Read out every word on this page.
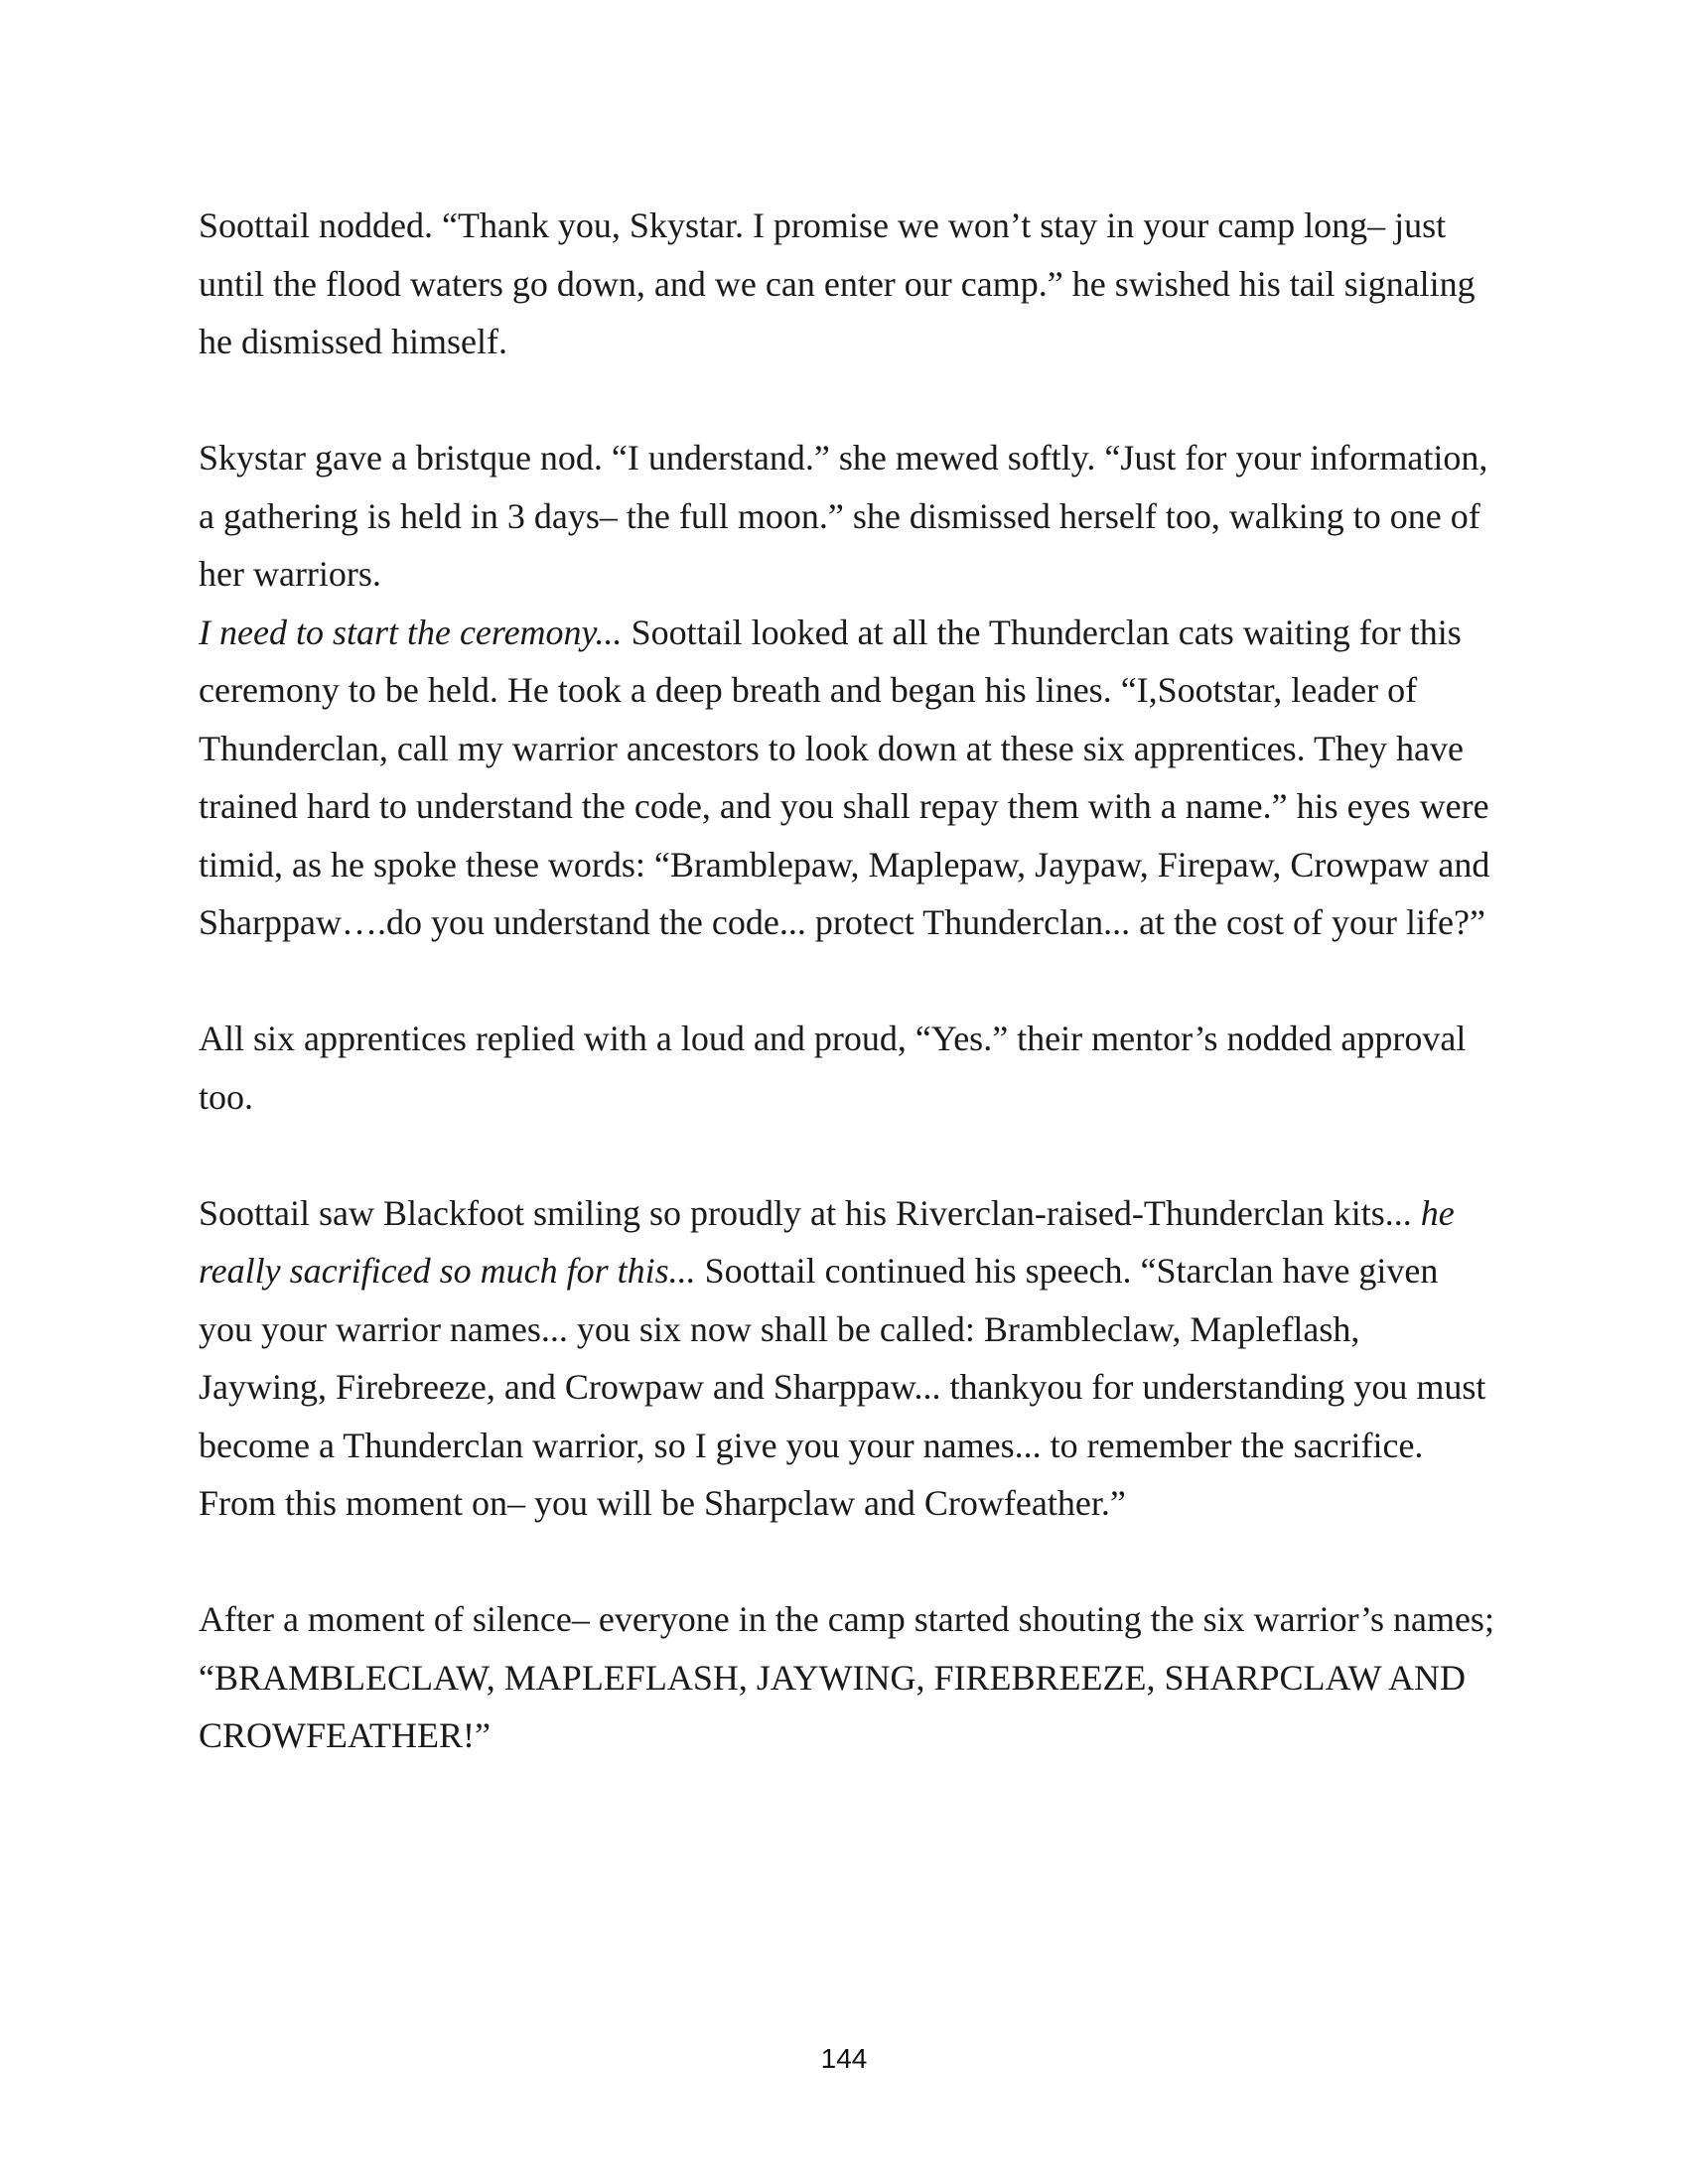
Soottail nodded. “Thank you, Skystar. I promise we won’t stay in your camp long– just until the flood waters go down, and we can enter our camp.” he swished his tail signaling he dismissed himself.

Skystar gave a bristque nod. “I understand.” she mewed softly. “Just for your information, a gathering is held in 3 days– the full moon.” she dismissed herself too, walking to one of her warriors.

I need to start the ceremony... Soottail looked at all the Thunderclan cats waiting for this ceremony to be held. He took a deep breath and began his lines. “I,Sootstar, leader of Thunderclan, call my warrior ancestors to look down at these six apprentices. They have trained hard to understand the code, and you shall repay them with a name.” his eyes were timid, as he spoke these words: “Bramblepaw, Maplepaw, Jaypaw, Firepaw, Crowpaw and Sharppaw….do you understand the code... protect Thunderclan... at the cost of your life?”

All six apprentices replied with a loud and proud, “Yes.” their mentor’s nodded approval too.

Soottail saw Blackfoot smiling so proudly at his Riverclan-raised-Thunderclan kits... he really sacrificed so much for this... Soottail continued his speech. “Starclan have given you your warrior names... you six now shall be called: Brambleclaw, Mapleflash, Jaywing, Firebreeze, and Crowpaw and Sharppaw... thankyou for understanding you must become a Thunderclan warrior, so I give you your names... to remember the sacrifice. From this moment on– you will be Sharpclaw and Crowfeather.”

After a moment of silence– everyone in the camp started shouting the six warrior’s names; “BRAMBLECLAW, MAPLEFLASH, JAYWING, FIREBREEZE, SHARPCLAW AND CROWFEATHER!”

144
